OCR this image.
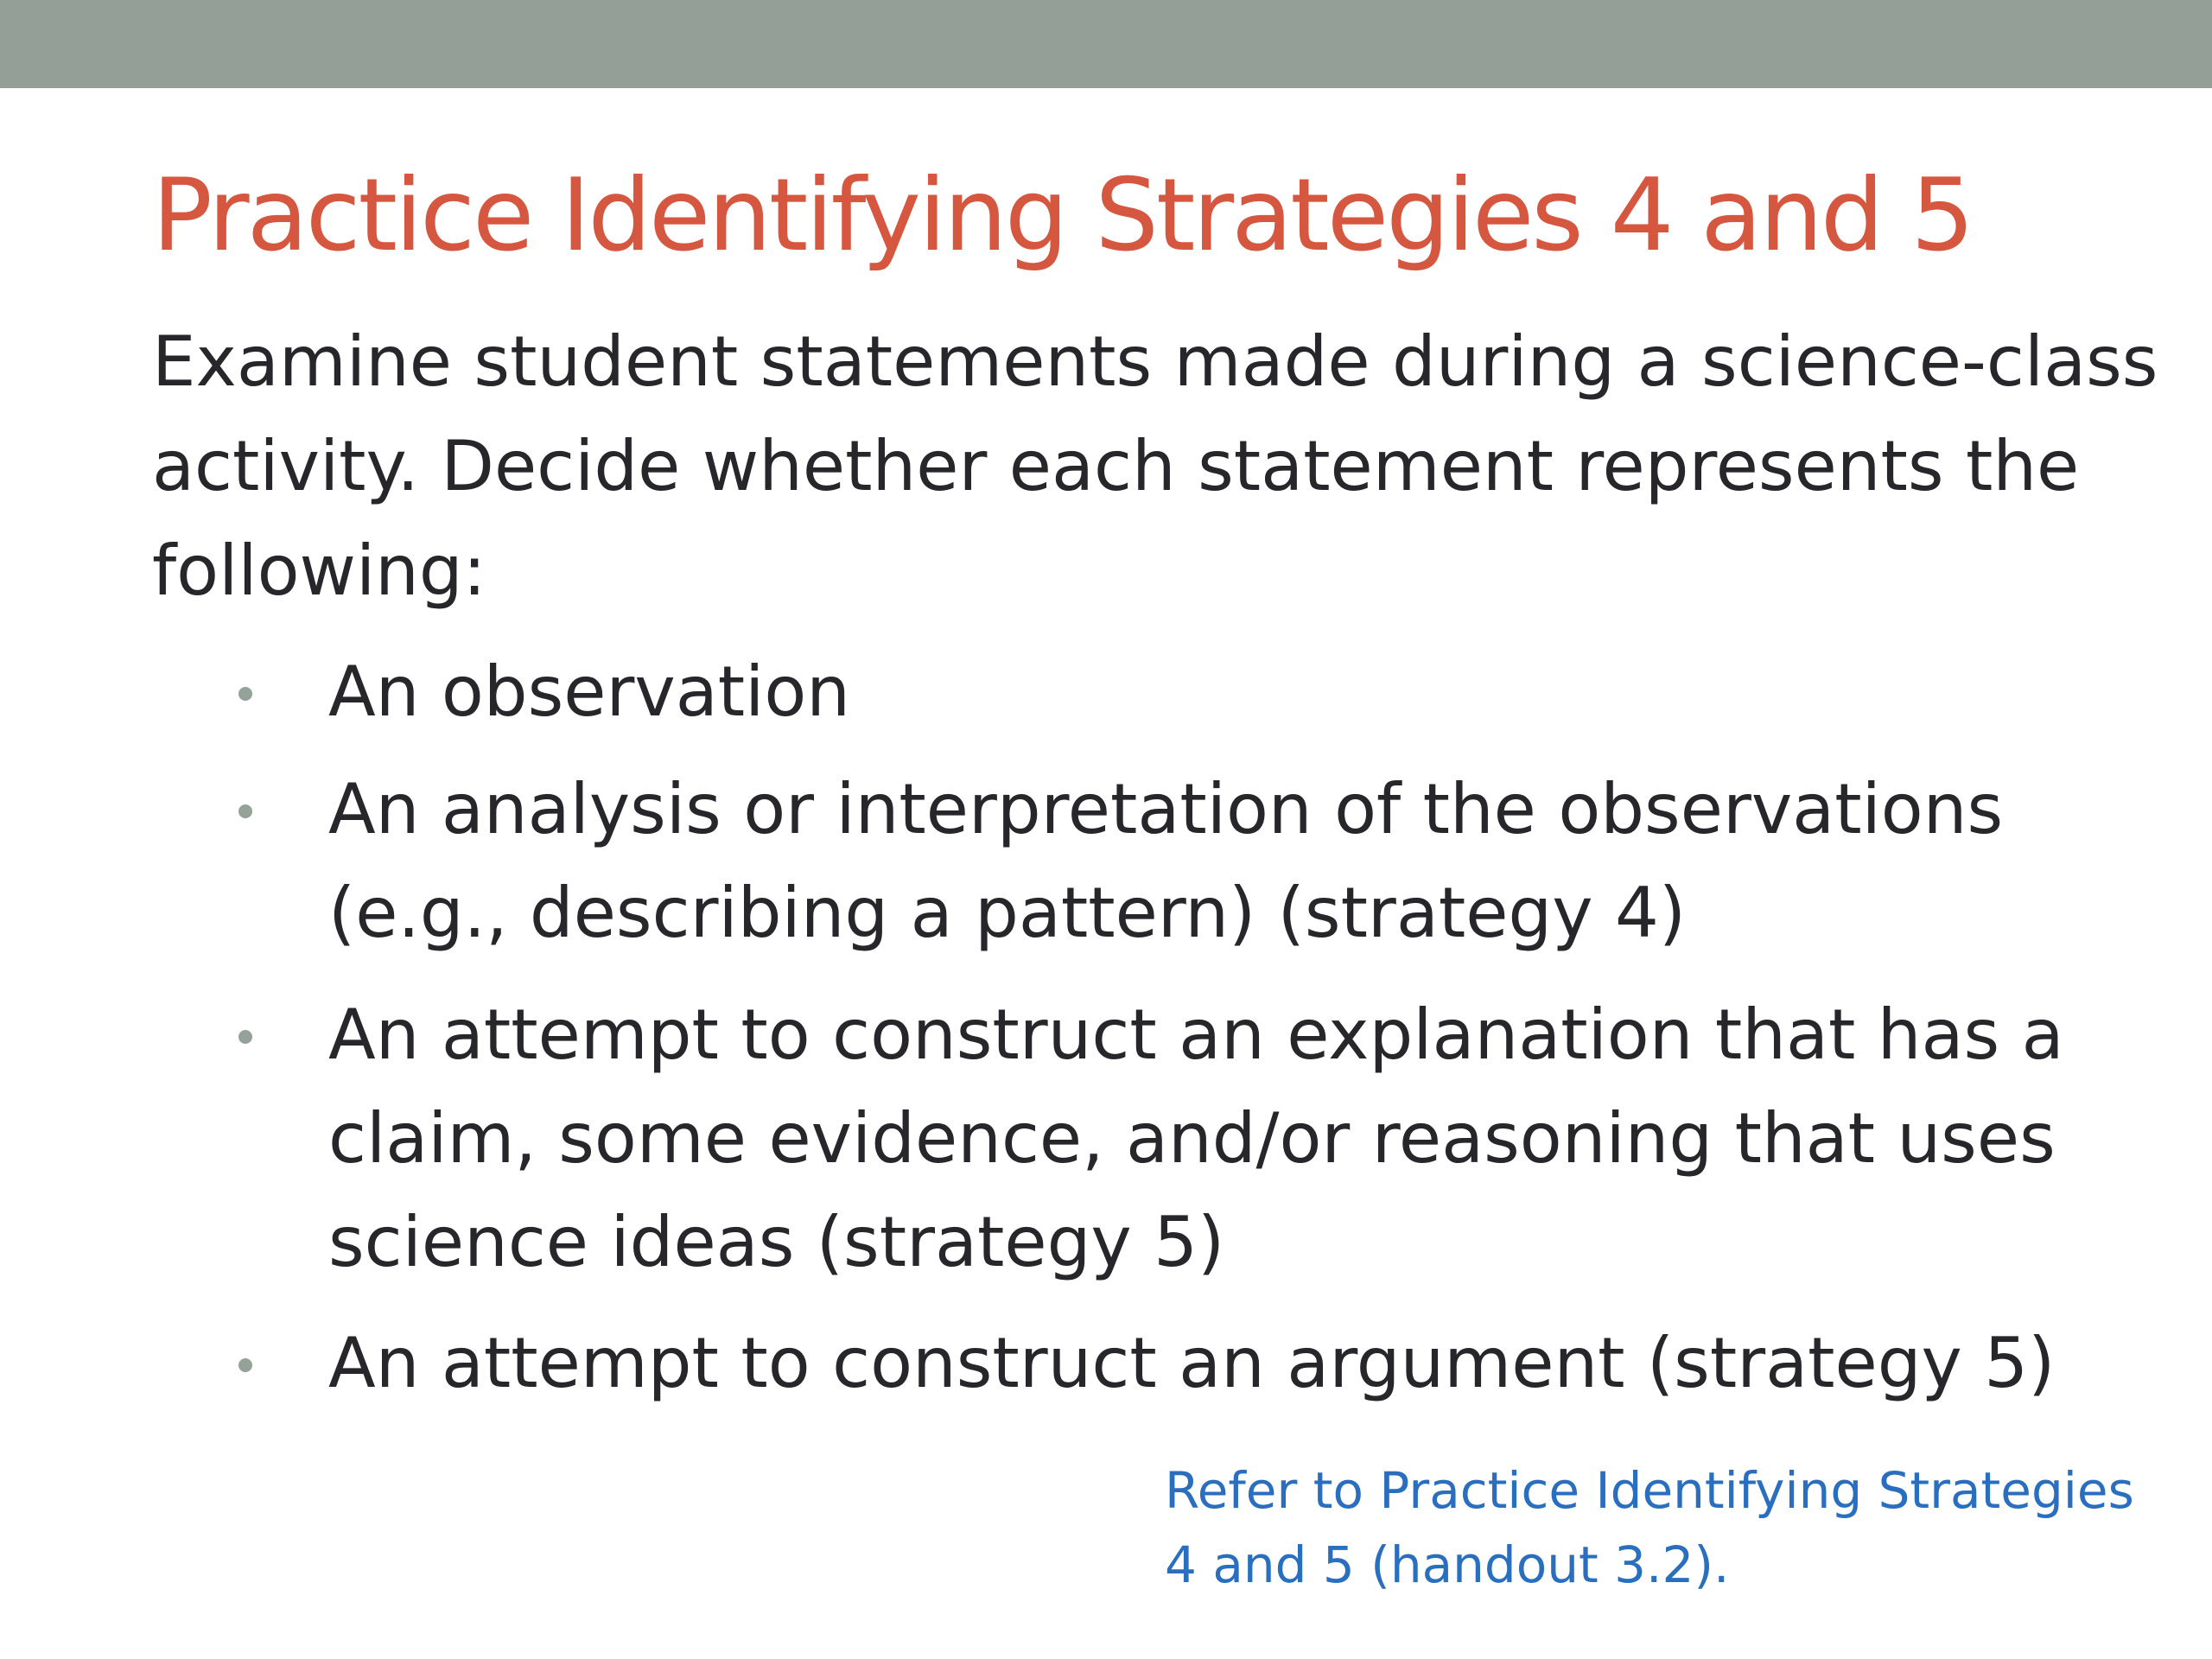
Practice Identifying Strategies 4 and 5

Examine student statements made during a science-class
activity. Decide whether each statement represents the
following:

An observation
An analysis or interpretation of the observations
(e.g., describing a pattern) (strategy 4)
An attempt to construct an explanation that has a
claim, some evidence, and/or reasoning that uses
science ideas (strategy 5)
An attempt to construct an argument (strategy 5)

Refer to Practice Identifying Strategies
4 and 5 (handout 3.2).
